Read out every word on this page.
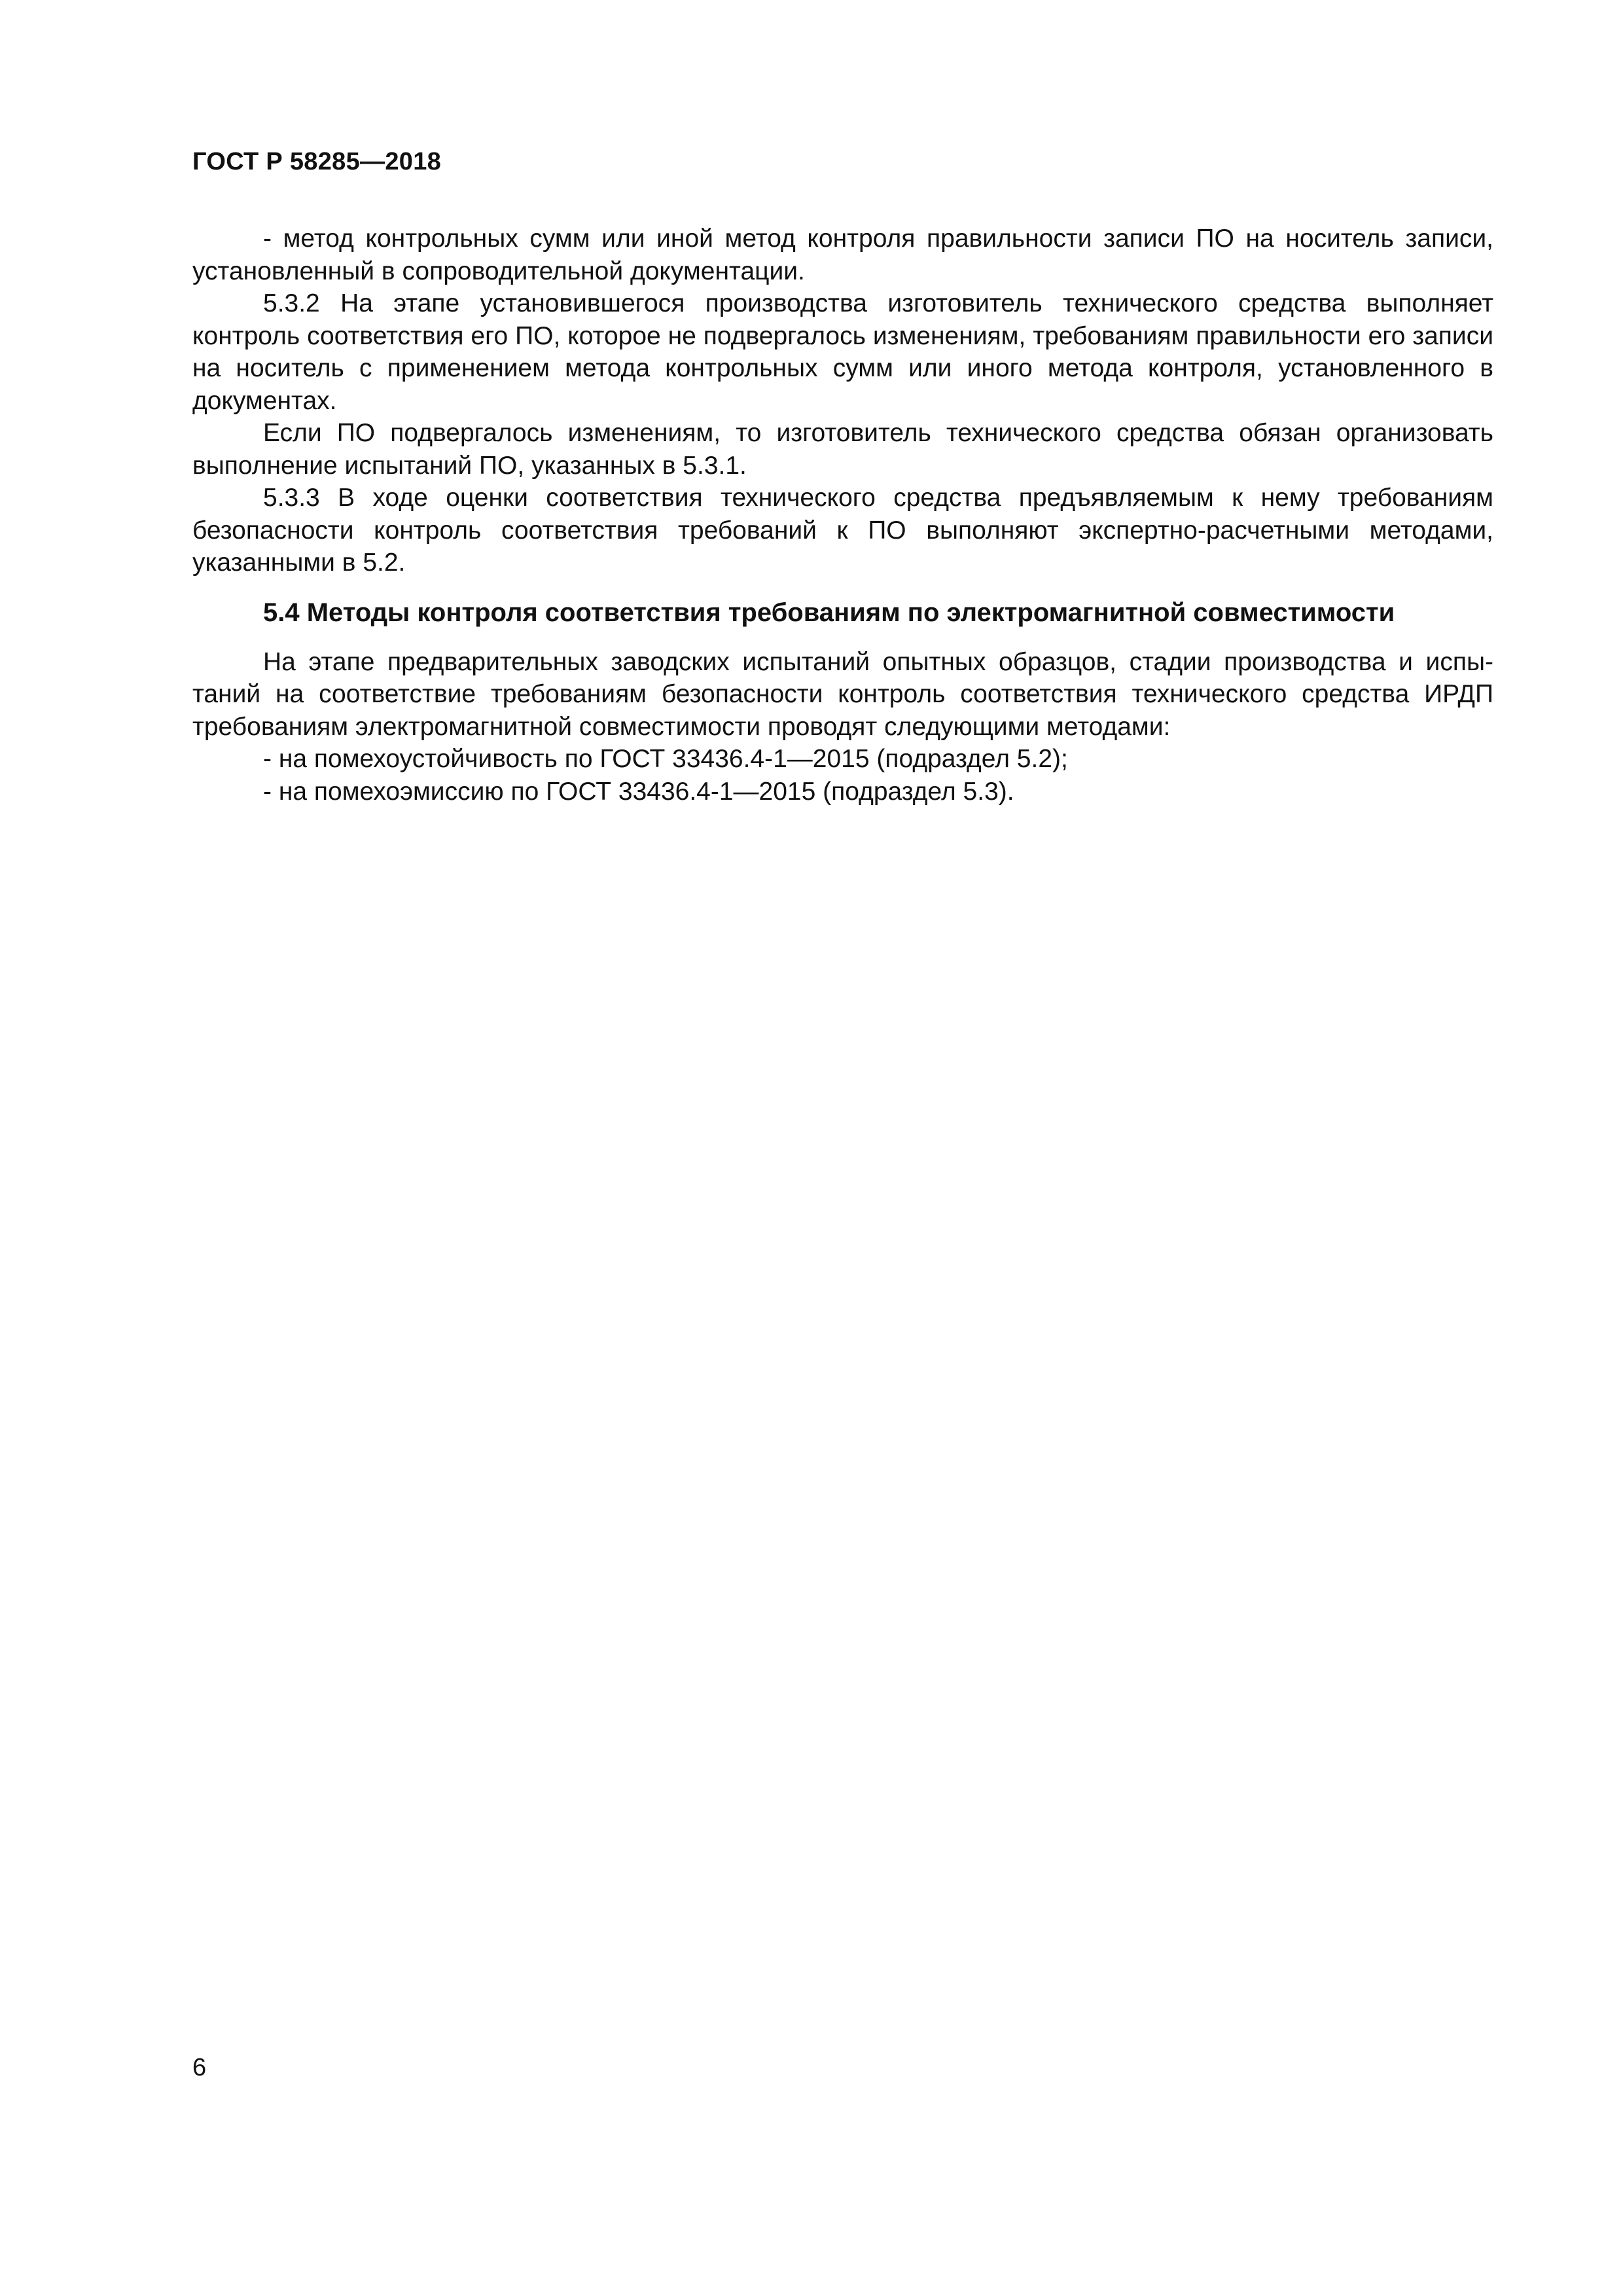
ГОСТ Р 58285—2018

- метод контрольных сумм или иной метод контроля правильности записи ПО на носитель записи, установленный в сопроводительной документации.

5.3.2 На этапе установившегося производства изготовитель технического средства выполняет контроль соответствия его ПО, которое не подвергалось изменениям, требованиям правильности его записи на носитель с применением метода контрольных сумм или иного метода контроля, установленного в документах.

Если ПО подвергалось изменениям, то изготовитель технического средства обязан организовать выполнение испытаний ПО, указанных в 5.3.1.

5.3.3 В ходе оценки соответствия технического средства предъявляемым к нему требованиям безопасности контроль соответствия требований к ПО выполняют экспертно-расчетными методами, указанными в 5.2.

5.4 Методы контроля соответствия требованиям по электромагнитной совместимости

На этапе предварительных заводских испытаний опытных образцов, стадии производства и испытаний на соответствие требованиям безопасности контроль соответствия технического средства ИРДП требованиям электромагнитной совместимости проводят следующими методами:

- на помехоустойчивость по ГОСТ 33436.4-1—2015 (подраздел 5.2);

- на помехоэмиссию по ГОСТ 33436.4-1—2015 (подраздел 5.3).

6
